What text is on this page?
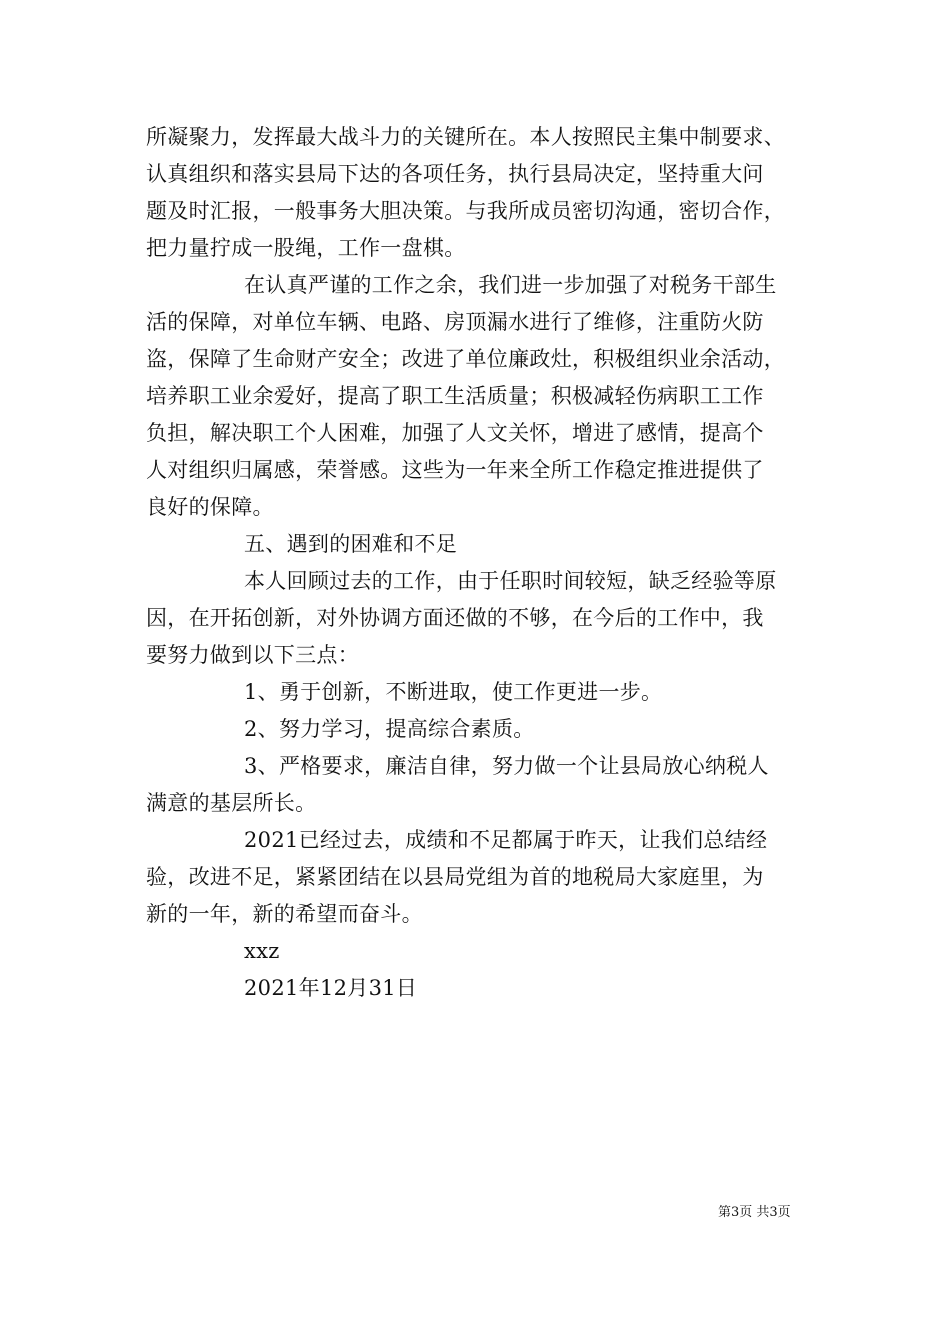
所凝聚力，发挥最大战斗力的关键所在。本人按照民主集中制要求、
认真组织和落实县局下达的各项任务，执行县局决定，坚持重大问
题及时汇报，一般事务大胆决策。与我所成员密切沟通，密切合作，
把力量拧成一股绳，工作一盘棋。
在认真严谨的工作之余，我们进一步加强了对税务干部生
活的保障，对单位车辆、电路、房顶漏水进行了维修，注重防火防
盗，保障了生命财产安全；改进了单位廉政灶，积极组织业余活动，
培养职工业余爱好，提高了职工生活质量；积极减轻伤病职工工作
负担，解决职工个人困难，加强了人文关怀，增进了感情，提高个
人对组织归属感，荣誉感。这些为一年来全所工作稳定推进提供了
良好的保障。
五、遇到的困难和不足
本人回顾过去的工作，由于任职时间较短，缺乏经验等原
因，在开拓创新，对外协调方面还做的不够，在今后的工作中，我
要努力做到以下三点：
1、勇于创新，不断进取，使工作更进一步。
2、努力学习，提高综合素质。
3、严格要求，廉洁自律，努力做一个让县局放心纳税人
满意的基层所长。
2021已经过去，成绩和不足都属于昨天，让我们总结经
验，改进不足，紧紧团结在以县局党组为首的地税局大家庭里，为
新的一年，新的希望而奋斗。
xxz
2021年12月31日
第3页 共3页
